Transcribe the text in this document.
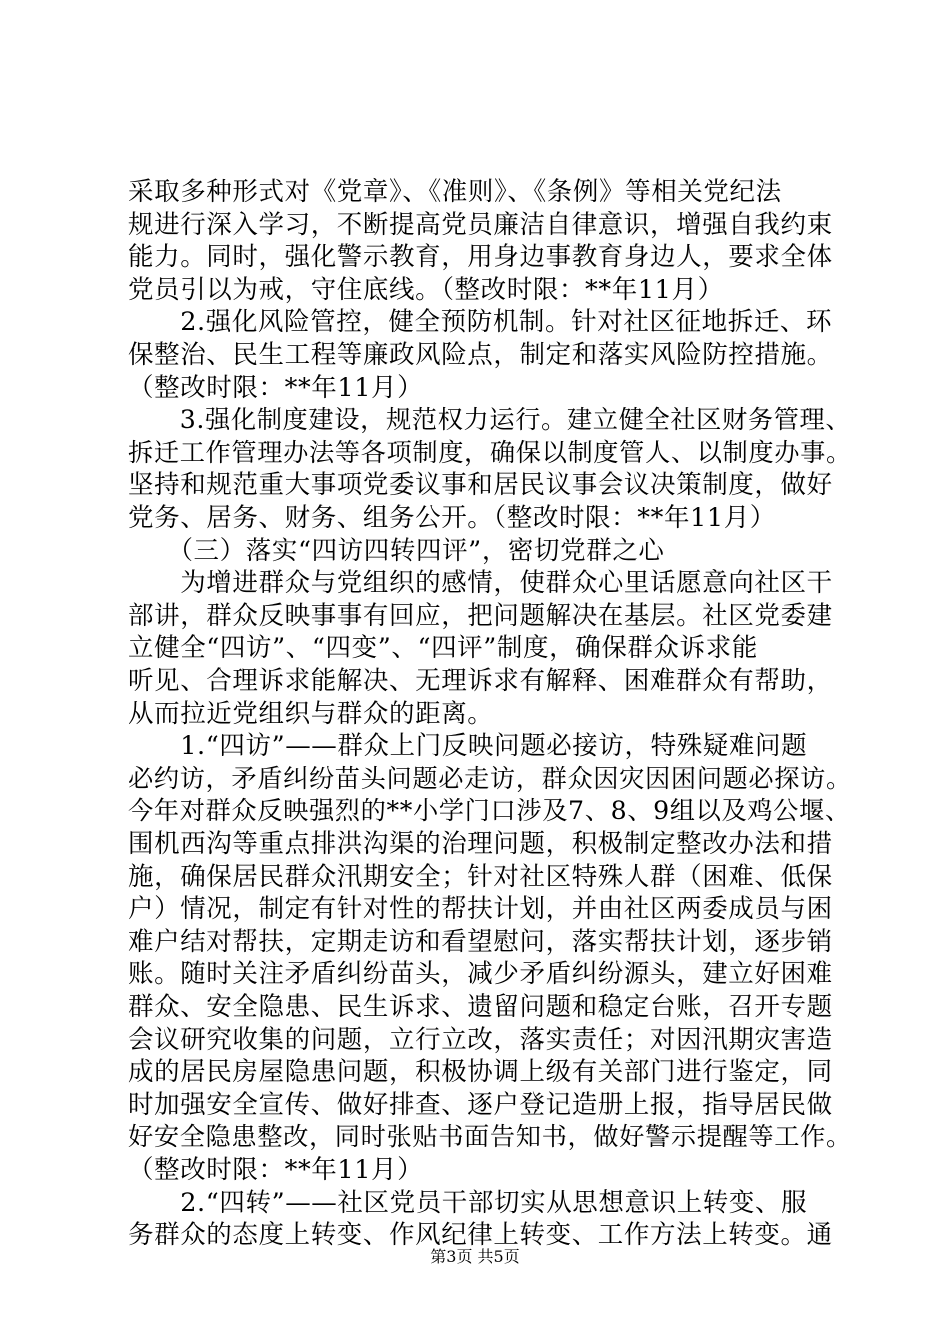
采取多种形式对《党章》、《准则》、《条例》等相关党纪法

规进行深入学习，不断提高党员廉洁自律意识，增强自我约束

能力。同时，强化警示教育，用身边事教育身边人，要求全体

党员引以为戒，守住底线。（整改时限：**年11月）

　　2.强化风险管控，健全预防机制。针对社区征地拆迁、环

保整治、民生工程等廉政风险点，制定和落实风险防控措施。

（整改时限：**年11月）

　　3.强化制度建设，规范权力运行。建立健全社区财务管理、

拆迁工作管理办法等各项制度，确保以制度管人、以制度办事。

坚持和规范重大事项党委议事和居民议事会议决策制度，做好

党务、居务、财务、组务公开。（整改时限：**年11月）

　　（三）落实“四访四转四评”，密切党群之心

　　为增进群众与党组织的感情，使群众心里话愿意向社区干

部讲，群众反映事事有回应，把问题解决在基层。社区党委建

立健全“四访”、“四变”、“四评”制度，确保群众诉求能

听见、合理诉求能解决、无理诉求有解释、困难群众有帮助，

从而拉近党组织与群众的距离。

　　1.“四访”——群众上门反映问题必接访，特殊疑难问题

必约访，矛盾纠纷苗头问题必走访，群众因灾因困问题必探访。

今年对群众反映强烈的**小学门口涉及7、8、9组以及鸡公堰、

围机西沟等重点排洪沟渠的治理问题，积极制定整改办法和措

施，确保居民群众汛期安全；针对社区特殊人群（困难、低保

户）情况，制定有针对性的帮扶计划，并由社区两委成员与困

难户结对帮扶，定期走访和看望慰问，落实帮扶计划，逐步销

账。随时关注矛盾纠纷苗头，减少矛盾纠纷源头，建立好困难

群众、安全隐患、民生诉求、遗留问题和稳定台账，召开专题

会议研究收集的问题，立行立改，落实责任；对因汛期灾害造

成的居民房屋隐患问题，积极协调上级有关部门进行鉴定，同

时加强安全宣传、做好排查、逐户登记造册上报，指导居民做

好安全隐患整改，同时张贴书面告知书，做好警示提醒等工作。

（整改时限：**年11月）

　　2.“四转”——社区党员干部切实从思想意识上转变、服

务群众的态度上转变、作风纪律上转变、工作方法上转变。通

第3页 共5页
